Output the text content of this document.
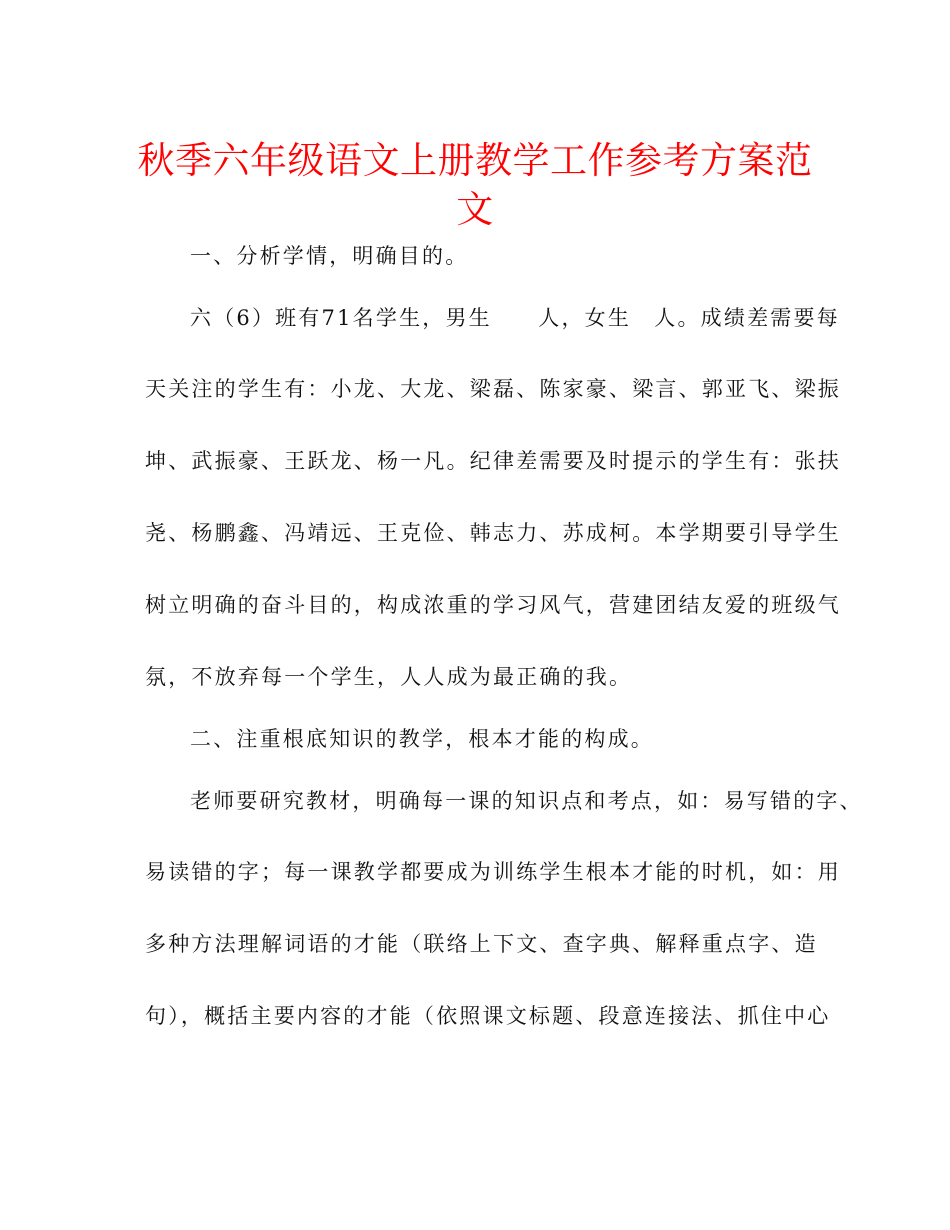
秋季六年级语文上册教学工作参考方案范
文

一、分析学情，明确目的。

六（6）班有71名学生，男生　　人，女生　人。成绩差需要每

天关注的学生有：小龙、大龙、梁磊、陈家豪、梁言、郭亚飞、梁振

坤、武振豪、王跃龙、杨一凡。纪律差需要及时提示的学生有：张扶

尧、杨鹏鑫、冯靖远、王克俭、韩志力、苏成柯。本学期要引导学生

树立明确的奋斗目的，构成浓重的学习风气，营建团结友爱的班级气

氛，不放弃每一个学生，人人成为最正确的我。

二、注重根底知识的教学，根本才能的构成。

老师要研究教材，明确每一课的知识点和考点，如：易写错的字、

易读错的字；每一课教学都要成为训练学生根本才能的时机，如：用

多种方法理解词语的才能（联络上下文、查字典、解释重点字、造

句），概括主要内容的才能（依照课文标题、段意连接法、抓住中心
